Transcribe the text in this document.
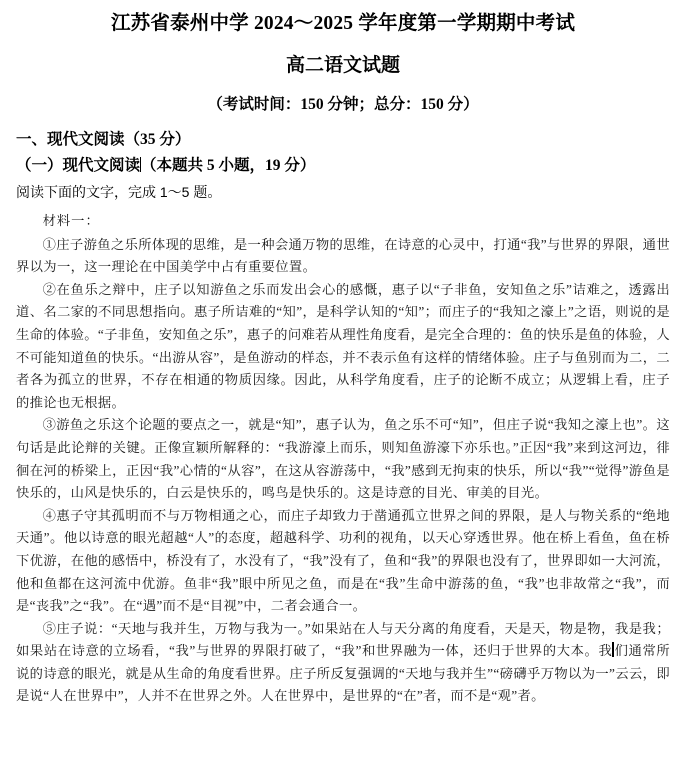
江苏省泰州中学 2024～2025 学年度第一学期期中考试
高二语文试题
（考试时间：150 分钟；总分：150 分）
一、现代文阅读（35 分）
（一）现代文阅读（本题共 5 小题，19 分）
阅读下面的文字，完成 1～5 题。

材料一：

①庄子游鱼之乐所体现的思维，是一种会通万物的思维，在诗意的心灵中，打通“我”与世界的界限，通世界以为一，这一理论在中国美学中占有重要位置。

②在鱼乐之辩中，庄子以知游鱼之乐而发出会心的感慨，惠子以“子非鱼，安知鱼之乐”诘难之，透露出道、名二家的不同思想指向。惠子所诘难的“知”，是科学认知的“知”；而庄子的“我知之濠上”之语，则说的是生命的体验。“子非鱼，安知鱼之乐”，惠子的问难若从理性角度看，是完全合理的：鱼的快乐是鱼的体验，人不可能知道鱼的快乐。“出游从容”，是鱼游动的样态，并不表示鱼有这样的情绪体验。庄子与鱼别而为二，二者各为孤立的世界，不存在相通的物质因缘。因此，从科学角度看，庄子的论断不成立；从逻辑上看，庄子的推论也无根据。

③游鱼之乐这个论题的要点之一，就是“知”，惠子认为，鱼之乐不可“知”，但庄子说“我知之濠上也”。这句话是此论辩的关键。正像宣颖所解释的：“我游濠上而乐，则知鱼游濠下亦乐也。”正因“我”来到这河边，徘徊在河的桥梁上，正因“我”心情的“从容”，在这从容游荡中，“我”感到无拘束的快乐，所以“我”“觉得”游鱼是快乐的，山风是快乐的，白云是快乐的，鸣鸟是快乐的。这是诗意的目光、审美的目光。

④惠子守其孤明而不与万物相通之心，而庄子却致力于凿通孤立世界之间的界限，是人与物关系的“绝地天通”。他以诗意的眼光超越“人”的态度，超越科学、功利的视角，以天心穿透世界。他在桥上看鱼，鱼在桥下优游，在他的感悟中，桥没有了，水没有了，“我”没有了，鱼和“我”的界限也没有了，世界即如一大河流，他和鱼都在这河流中优游。鱼非“我”眼中所见之鱼，而是在“我”生命中游荡的鱼，“我”也非故常之“我”，而是“丧我”之“我”。在“遇”而不是“目视”中，二者会通合一。

⑤庄子说：“天地与我并生，万物与我为一。”如果站在人与天分离的角度看，天是天，物是物，我是我；如果站在诗意的立场看，“我”与世界的界限打破了，“我”和世界融为一体，还归于世界的大本。我 们通常所说的诗意的眼光，就是从生命的角度看世界。庄子所反复强调的“天地与我并生”“磅礴乎万物以为一”云云，即是说“人在世界中”，人并不在世界之外。人在世界中，是世界的“在”者，而不是“观”者。
